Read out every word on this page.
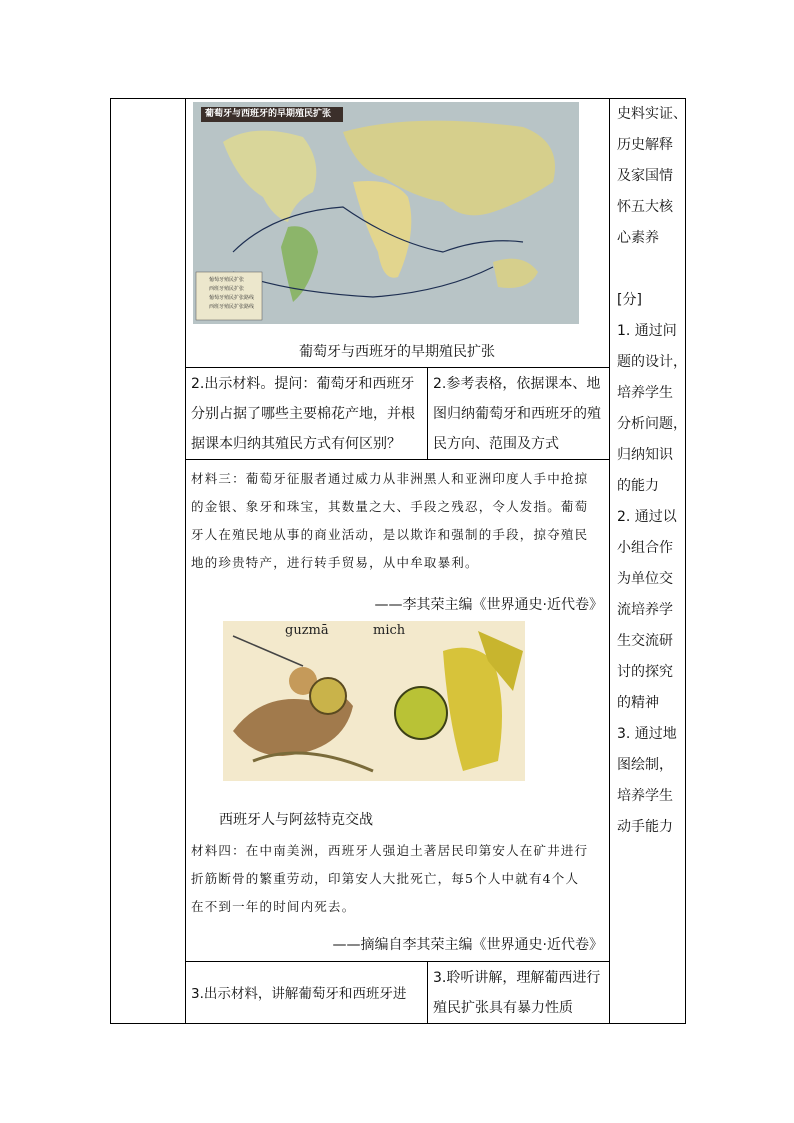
史料实证、
历史解释
及家国情
怀五大核
心素养
[分]
1. 通过问
题的设计，
培养学生
分析问题，
归纳知识
的能力
2. 通过以
小组合作
为单位交
流培养学
生交流研
讨的探究
的精神
3. 通过地
图绘制，
培养学生
动手能力
葡萄牙与西班牙的早期殖民扩张
葡萄牙殖民扩张
西班牙殖民扩张
葡萄牙殖民扩张路线
西班牙殖民扩张路线
葡萄牙与西班牙的早期殖民扩张
2.出示材料。提问：葡萄牙和西班牙
分别占据了哪些主要棉花产地，并根
据课本归纳其殖民方式有何区别？
2.参考表格，依据课本、地
图归纳葡萄牙和西班牙的殖
民方向、范围及方式
材料三：葡萄牙征服者通过威力从非洲黑人和亚洲印度人手中抢掠
的金银、象牙和珠宝，其数量之大、手段之残忍，令人发指。葡萄
牙人在殖民地从事的商业活动，是以欺诈和强制的手段，掠夺殖民
地的珍贵特产，进行转手贸易，从中牟取暴利。
——李其荣主编《世界通史·近代卷》
guzmā	mich
西班牙人与阿兹特克交战
材料四：在中南美洲，西班牙人强迫土著居民印第安人在矿井进行
折筋断骨的繁重劳动，印第安人大批死亡，每5个人中就有4个人
在不到一年的时间内死去。
——摘编自李其荣主编《世界通史·近代卷》
3.出示材料，讲解葡萄牙和西班牙进
3.聆听讲解，理解葡西进行
殖民扩张具有暴力性质
